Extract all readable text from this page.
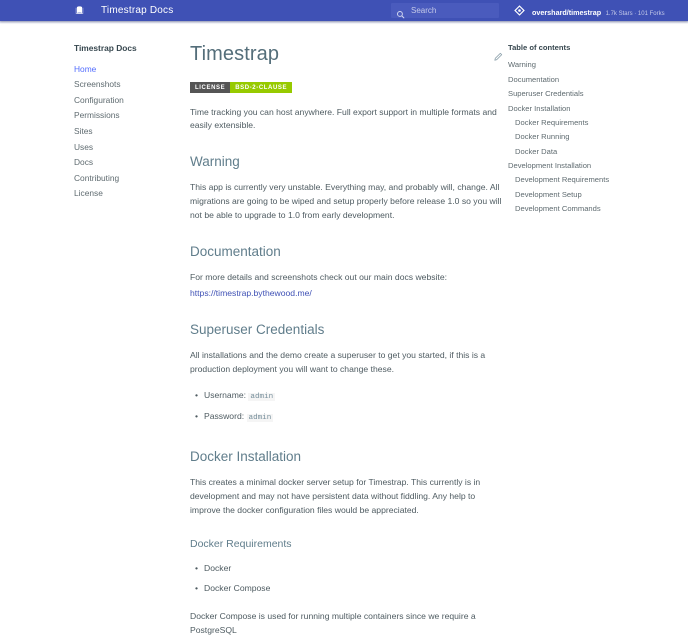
Timestrap Docs
Search	overshard/timestrap 1.7k Stars · 101 Forks
Timestrap Docs
Home
Screenshots
Configuration
Permissions
Sites
Uses
Docs
Contributing
License
Timestrap
LICENSE	BSD-2-CLAUSE

Time tracking you can host anywhere. Full export support in multiple formats and easily extensible.

Warning

This app is currently very unstable. Everything may, and probably will, change. All migrations are going to be wiped and setup properly before release 1.0 so you will not be able to upgrade to 1.0 from early development.

Documentation

For more details and screenshots check out our main docs website:

https://timestrap.bythewood.me/

Superuser Credentials

All installations and the demo create a superuser to get you started, if this is a production deployment you will want to change these.

• Username: admin
• Password: admin
Docker Installation

This creates a minimal docker server setup for Timestrap. This currently is in development and may not have persistent data without fiddling. Any help to improve the docker configuration files would be appreciated.

Docker Requirements
• Docker
• Docker Compose

Docker Compose is used for running multiple containers since we require a PostgreSQL

Table of contents
Warning
Documentation
Superuser Credentials
Docker Installation
Docker Requirements
Docker Running
Docker Data
Development Installation
Development Requirements
Development Setup
Development Commands
